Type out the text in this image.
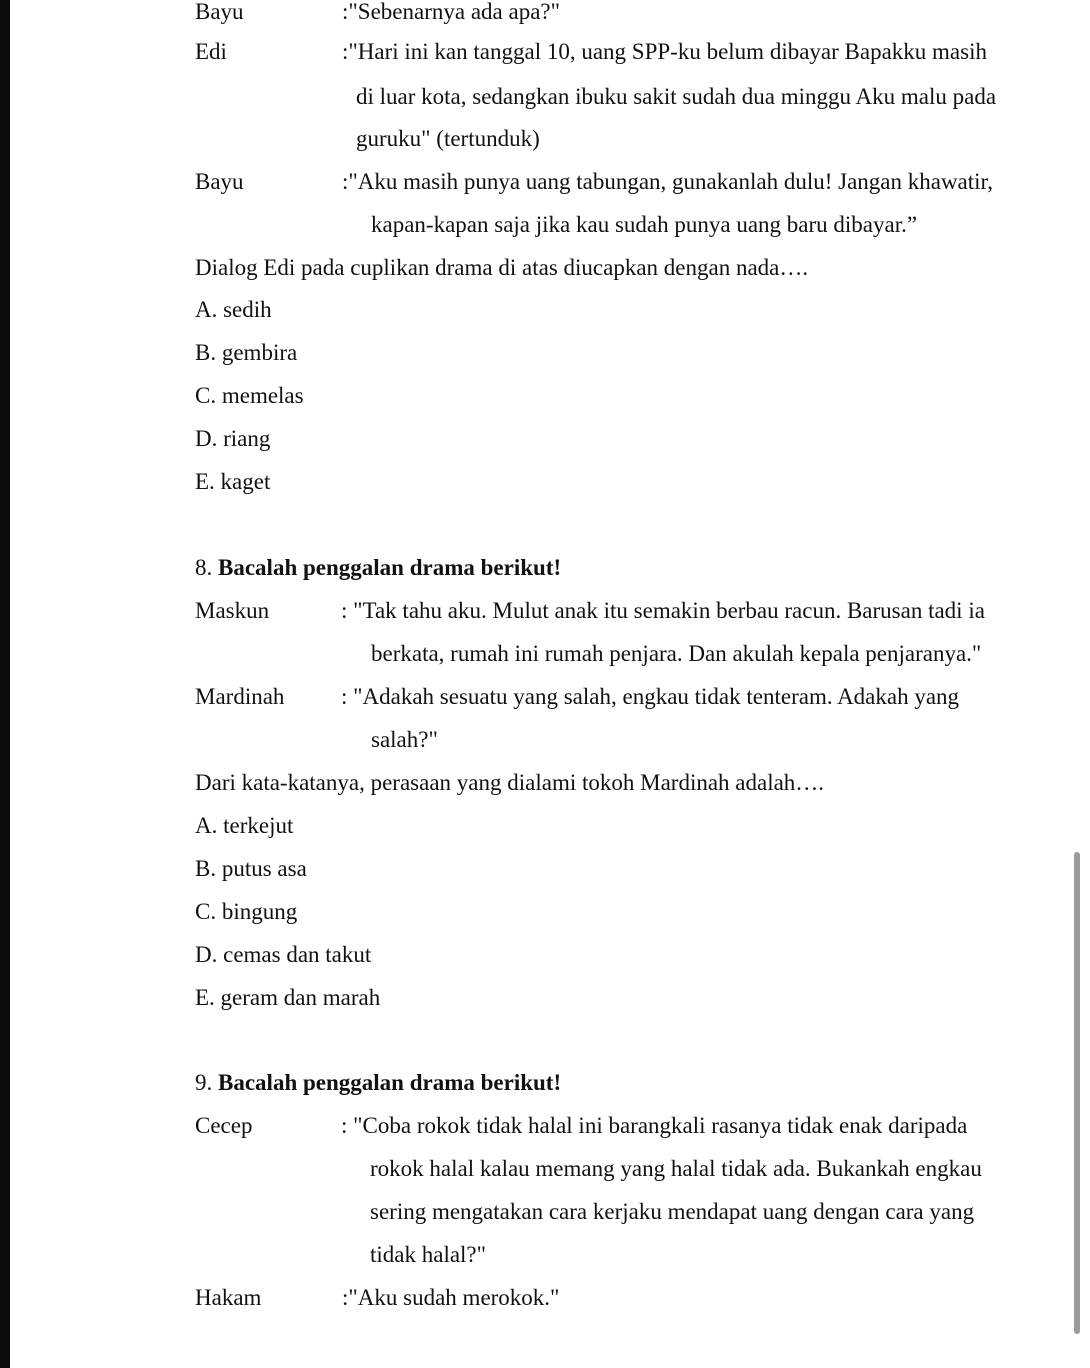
Bayu	:"Sebenarnya ada apa?"
Edi	:"Hari ini kan tanggal 10, uang SPP-ku belum dibayar Bapakku masih
di luar kota, sedangkan ibuku sakit sudah dua minggu Aku malu pada
guruku" (tertunduk)
Bayu	:"Aku masih punya uang tabungan, gunakanlah dulu! Jangan khawatir,
kapan-kapan saja jika kau sudah punya uang baru dibayar.”
Dialog Edi pada cuplikan drama di atas diucapkan dengan nada….
A. sedih
B. gembira
C. memelas
D. riang
E. kaget
8. Bacalah penggalan drama berikut!
Maskun	: "Tak tahu aku. Mulut anak itu semakin berbau racun. Barusan tadi ia
berkata, rumah ini rumah penjara. Dan akulah kepala penjaranya."
Mardinah : "Adakah sesuatu yang salah, engkau tidak tenteram. Adakah yang
salah?"
Dari kata-katanya, perasaan yang dialami tokoh Mardinah adalah….
A. terkejut
B. putus asa
C. bingung
D. cemas dan takut
E. geram dan marah
9. Bacalah penggalan drama berikut!
Cecep	: "Coba rokok tidak halal ini barangkali rasanya tidak enak daripada
rokok halal kalau memang yang halal tidak ada. Bukankah engkau
sering mengatakan cara kerjaku mendapat uang dengan cara yang
tidak halal?"
Hakam	:"Aku sudah merokok."
